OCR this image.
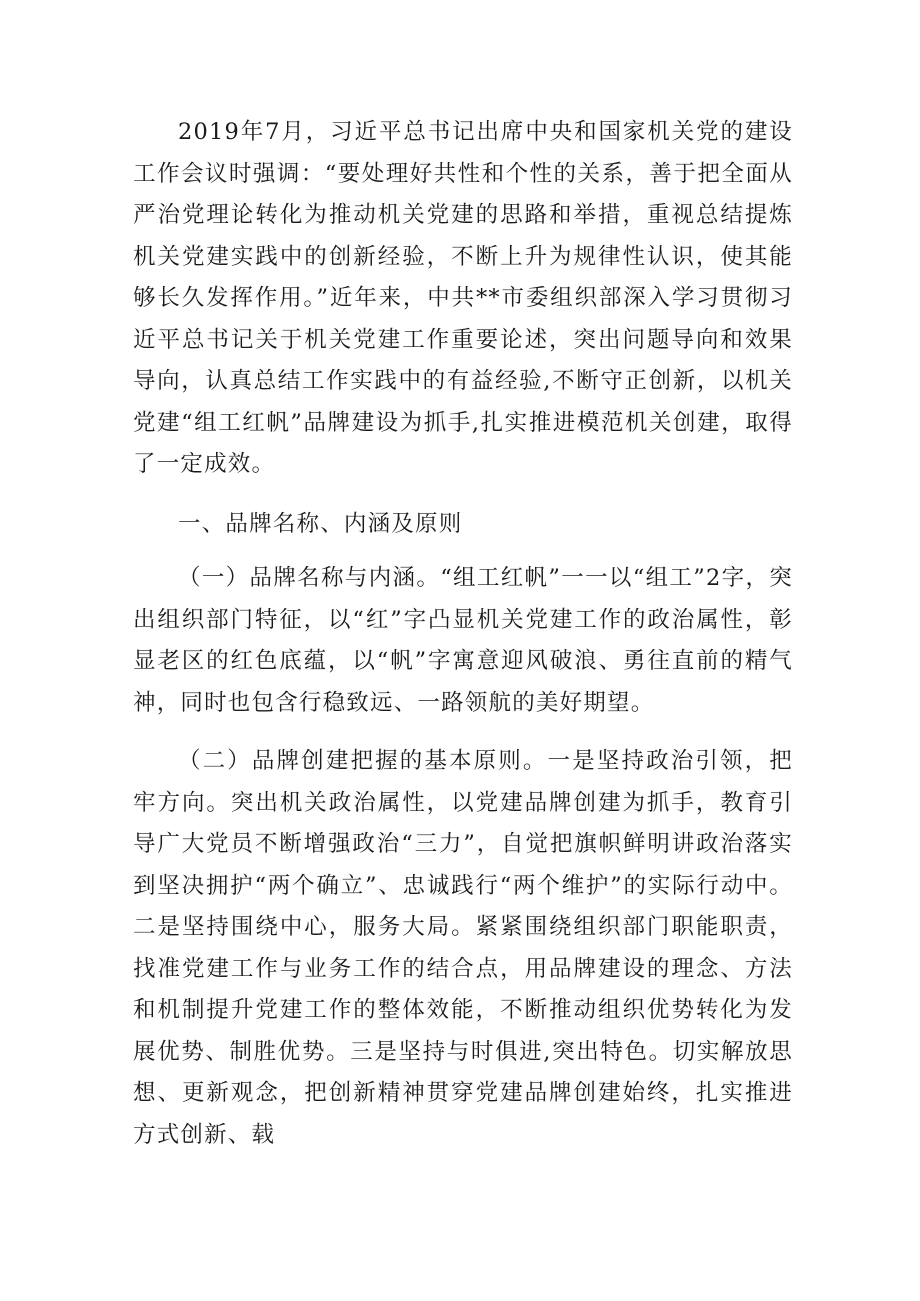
2019年7月，习近平总书记出席中央和国家机关党的建设工作会议时强调：“要处理好共性和个性的关系，善于把全面从严治党理论转化为推动机关党建的思路和举措，重视总结提炼机关党建实践中的创新经验，不断上升为规律性认识，使其能够长久发挥作用。”近年来，中共**市委组织部深入学习贯彻习近平总书记关于机关党建工作重要论述，突出问题导向和效果导向，认真总结工作实践中的有益经验,不断守正创新，以机关党建“组工红帆”品牌建设为抓手,扎实推进模范机关创建，取得了一定成效。

一、品牌名称、内涵及原则

（一）品牌名称与内涵。“组工红帆”一一以“组工”2字，突出组织部门特征，以“红”字凸显机关党建工作的政治属性，彰显老区的红色底蕴，以“帆”字寓意迎风破浪、勇往直前的精气神，同时也包含行稳致远、一路领航的美好期望。

（二）品牌创建把握的基本原则。一是坚持政治引领，把牢方向。突出机关政治属性，以党建品牌创建为抓手，教育引导广大党员不断增强政治“三力”，自觉把旗帜鲜明讲政治落实到坚决拥护“两个确立”、忠诚践行“两个维护”的实际行动中。二是坚持围绕中心，服务大局。紧紧围绕组织部门职能职责，找准党建工作与业务工作的结合点，用品牌建设的理念、方法和机制提升党建工作的整体效能，不断推动组织优势转化为发展优势、制胜优势。三是坚持与时俱进,突出特色。切实解放思想、更新观念，把创新精神贯穿党建品牌创建始终，扎实推进方式创新、载
